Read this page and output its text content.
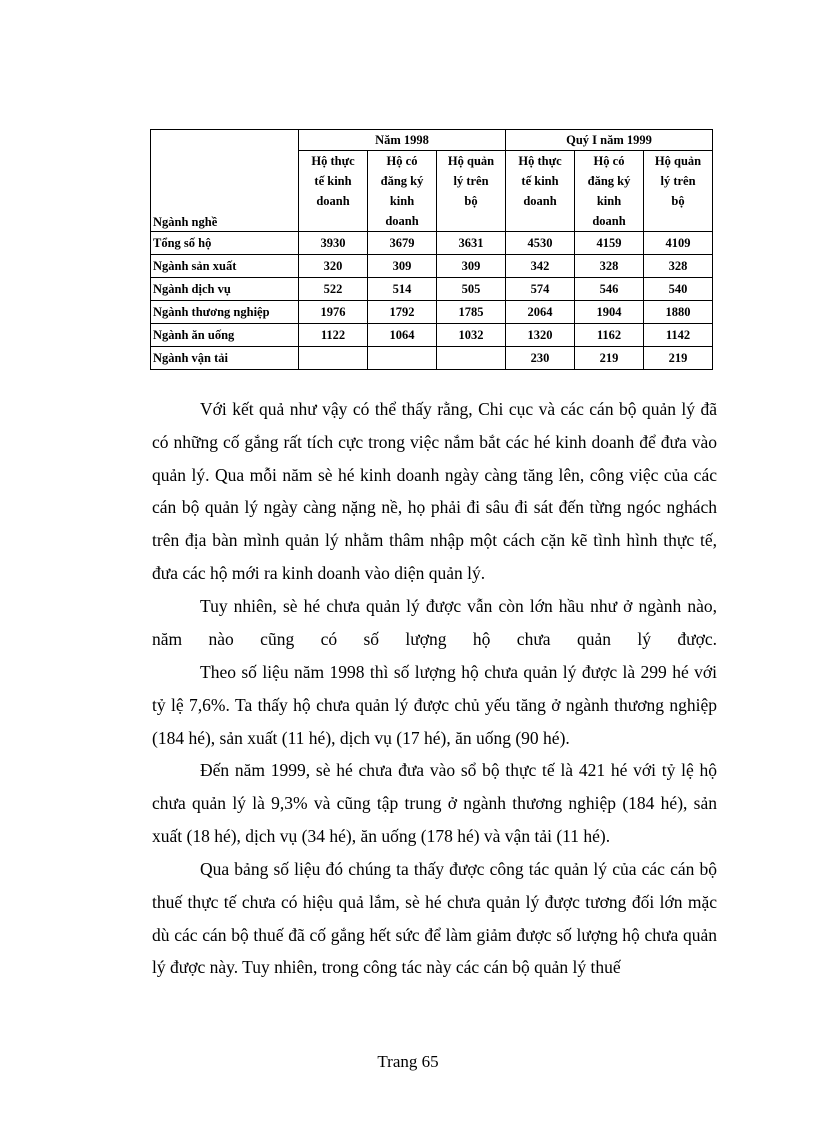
Ngành nghề	Năm 1998			Quý I năm 1999		
	Hộ thực	Hộ có	Hộ quản	Hộ thực	Hộ có	Hộ quản
	tế kinh	đăng ký	lý trên	tế kinh	đăng ký	lý trên
	doanh	kinh	bộ	doanh	kinh	bộ
		doanh			doanh	
Tổng số hộ	3930	3679	3631	4530	4159	4109
Ngành sản xuất	320	309	309	342	328	328
Ngành dịch vụ	522	514	505	574	546	540
Ngành thương nghiệp	1976	1792	1785	2064	1904	1880
Ngành ăn uống	1122	1064	1032	1320	1162	1142
Ngành vận tải				230	219	219

Với kết quả như vậy có thể thấy rằng, Chi cục và các cán bộ quản lý đã có những cố gắng rất tích cực trong việc nắm bắt các hé kinh doanh để đưa vào quản lý. Qua mỗi năm sè hé kinh doanh ngày càng tăng lên, công việc của các cán bộ quản lý ngày càng nặng nề, họ phải đi sâu đi sát đến từng ngóc nghách trên địa bàn mình quản lý nhằm thâm nhập một cách cặn kẽ tình hình thực tế, đưa các hộ mới ra kinh doanh vào diện quản lý.

Tuy nhiên, sè hé chưa quản lý được vẫn còn lớn hầu như ở ngành nào, năm nào cũng có số lượng hộ chưa quản lý được.

Theo số liệu năm 1998 thì số lượng hộ chưa quản lý được là 299 hé với tỷ lệ 7,6%. Ta thấy hộ chưa quản lý được chủ yếu tăng ở ngành thương nghiệp (184 hé), sản xuất (11 hé), dịch vụ (17 hé), ăn uống (90 hé).

Đến năm 1999, sè hé chưa đưa vào sổ bộ thực tế là 421 hé với tỷ lệ hộ chưa quản lý là 9,3% và cũng tập trung ở ngành thương nghiệp (184 hé), sản xuất (18 hé), dịch vụ (34 hé), ăn uống (178 hé) và vận tải (11 hé).

Qua bảng số liệu đó chúng ta thấy được công tác quản lý của các cán bộ thuế thực tế chưa có hiệu quả lắm, sè hé chưa quản lý được tương đối lớn mặc dù các cán bộ thuế đã cố gắng hết sức để làm giảm được số lượng hộ chưa quản lý được này. Tuy nhiên, trong công tác này các cán bộ quản lý thuế

Trang 65
